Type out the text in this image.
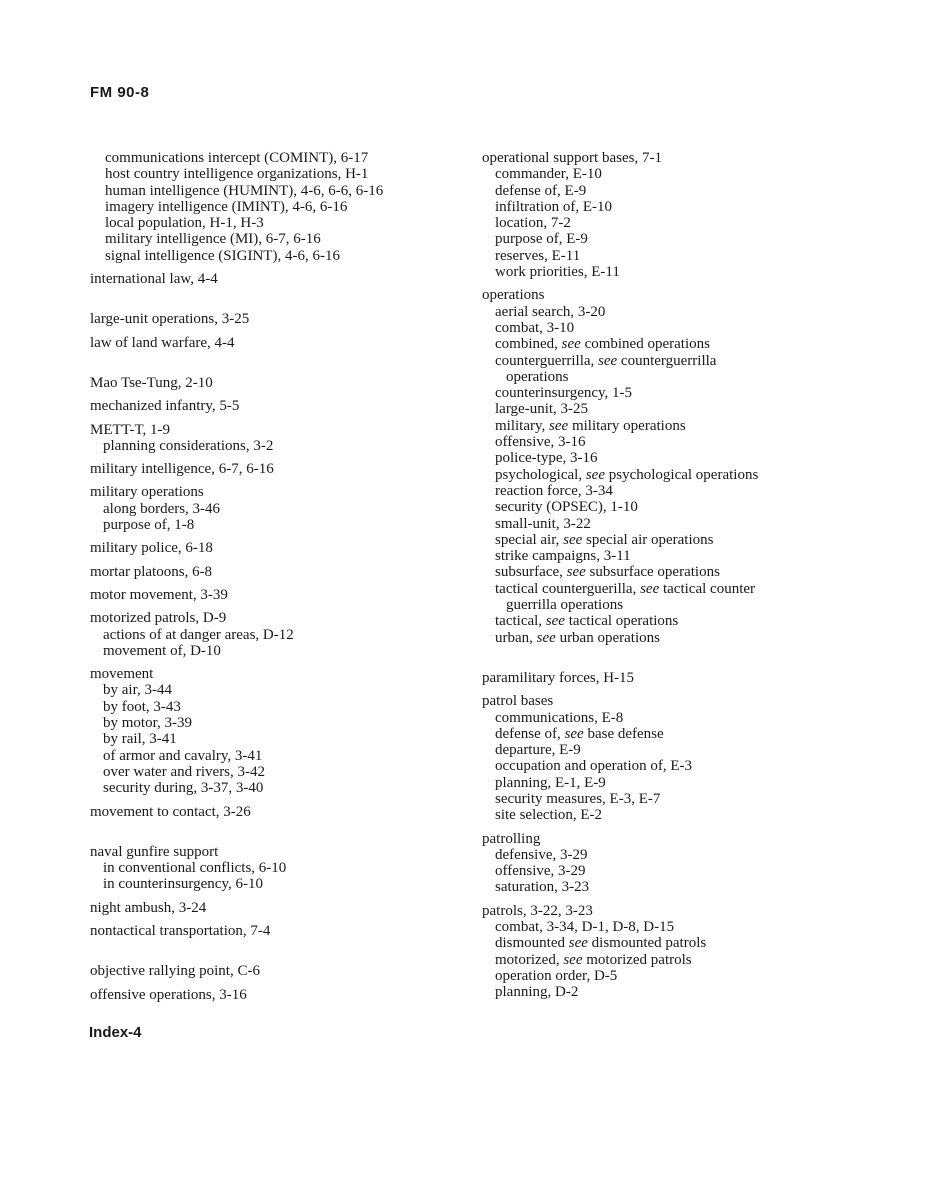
FM 90-8
communications intercept (COMINT), 6-17
host country intelligence organizations, H-1
human intelligence (HUMINT), 4-6, 6-6, 6-16
imagery intelligence (IMINT), 4-6, 6-16
local population, H-1, H-3
military intelligence (MI), 6-7, 6-16
signal intelligence (SIGINT), 4-6, 6-16
international law, 4-4
large-unit operations, 3-25
law of land warfare, 4-4
Mao Tse-Tung, 2-10
mechanized infantry, 5-5
METT-T, 1-9
planning considerations, 3-2
military intelligence, 6-7, 6-16
military operations
along borders, 3-46
purpose of, 1-8
military police, 6-18
mortar platoons, 6-8
motor movement, 3-39
motorized patrols, D-9
actions of at danger areas, D-12
movement of, D-10
movement
by air, 3-44
by foot, 3-43
by motor, 3-39
by rail, 3-41
of armor and cavalry, 3-41
over water and rivers, 3-42
security during, 3-37, 3-40
movement to contact, 3-26
naval gunfire support
in conventional conflicts, 6-10
in counterinsurgency, 6-10
night ambush, 3-24
nontactical transportation, 7-4
objective rallying point, C-6
offensive operations, 3-16
operational support bases, 7-1
commander, E-10
defense of, E-9
infiltration of, E-10
location, 7-2
purpose of, E-9
reserves, E-11
work priorities, E-11
operations
aerial search, 3-20
combat, 3-10
combined, see combined operations
counterguerrilla, see counterguerrilla
operations
counterinsurgency, 1-5
large-unit, 3-25
military, see military operations
offensive, 3-16
police-type, 3-16
psychological, see psychological operations
reaction force, 3-34
security (OPSEC), 1-10
small-unit, 3-22
special air, see special air operations
strike campaigns, 3-11
subsurface, see subsurface operations
tactical counterguerilla, see tactical counter
guerrilla operations
tactical, see tactical operations
urban, see urban operations
paramilitary forces, H-15
patrol bases
communications, E-8
defense of, see base defense
departure, E-9
occupation and operation of, E-3
planning, E-1, E-9
security measures, E-3, E-7
site selection, E-2
patrolling
defensive, 3-29
offensive, 3-29
saturation, 3-23
patrols, 3-22, 3-23
combat, 3-34, D-1, D-8, D-15
dismounted see dismounted patrols
motorized, see motorized patrols
operation order, D-5
planning, D-2
Index-4
